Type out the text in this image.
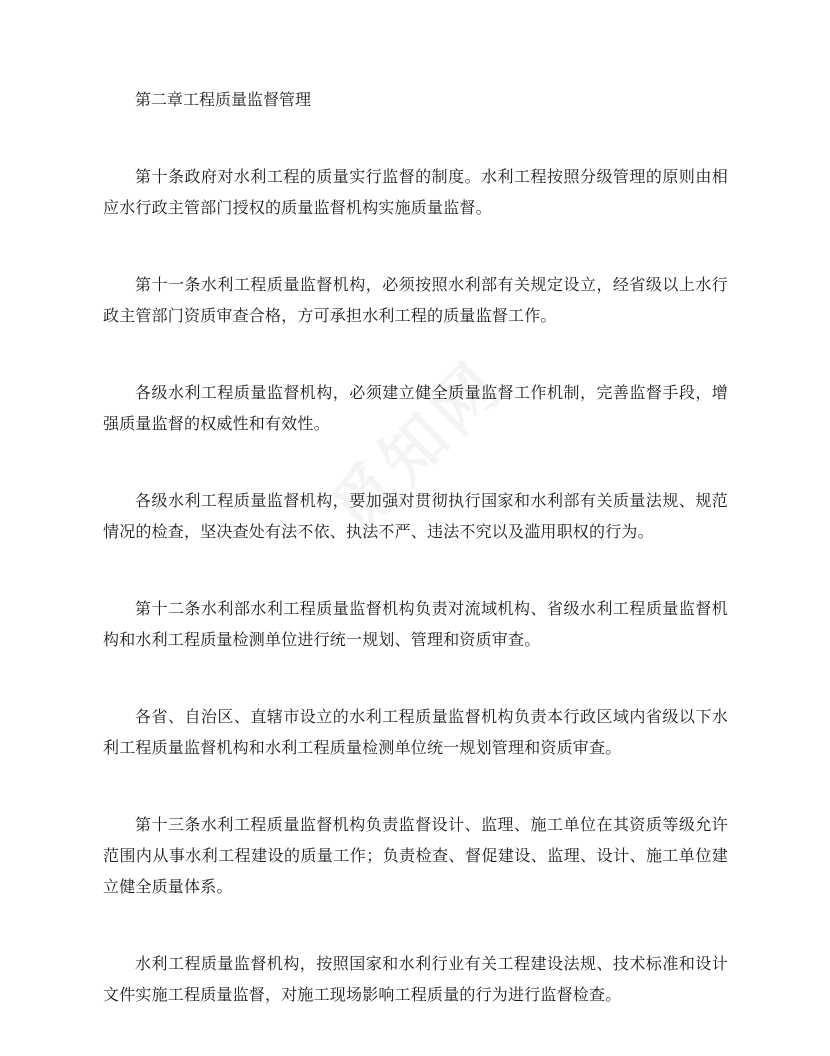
第二章工程质量监督管理

第十条政府对水利工程的质量实行监督的制度。水利工程按照分级管理的原则由相应水行政主管部门授权的质量监督机构实施质量监督。

第十一条水利工程质量监督机构，必须按照水利部有关规定设立，经省级以上水行政主管部门资质审查合格，方可承担水利工程的质量监督工作。

各级水利工程质量监督机构，必须建立健全质量监督工作机制，完善监督手段，增强质量监督的权威性和有效性。

各级水利工程质量监督机构，要加强对贯彻执行国家和水利部有关质量法规、规范情况的检查，坚决查处有法不依、执法不严、违法不究以及滥用职权的行为。

第十二条水利部水利工程质量监督机构负责对流域机构、省级水利工程质量监督机构和水利工程质量检测单位进行统一规划、管理和资质审查。

各省、自治区、直辖市设立的水利工程质量监督机构负责本行政区域内省级以下水利工程质量监督机构和水利工程质量检测单位统一规划管理和资质审查。

第十三条水利工程质量监督机构负责监督设计、监理、施工单位在其资质等级允许范围内从事水利工程建设的质量工作；负责检查、督促建设、监理、设计、施工单位建立健全质量体系。

水利工程质量监督机构，按照国家和水利行业有关工程建设法规、技术标准和设计文件实施工程质量监督，对施工现场影响工程质量的行为进行监督检查。
